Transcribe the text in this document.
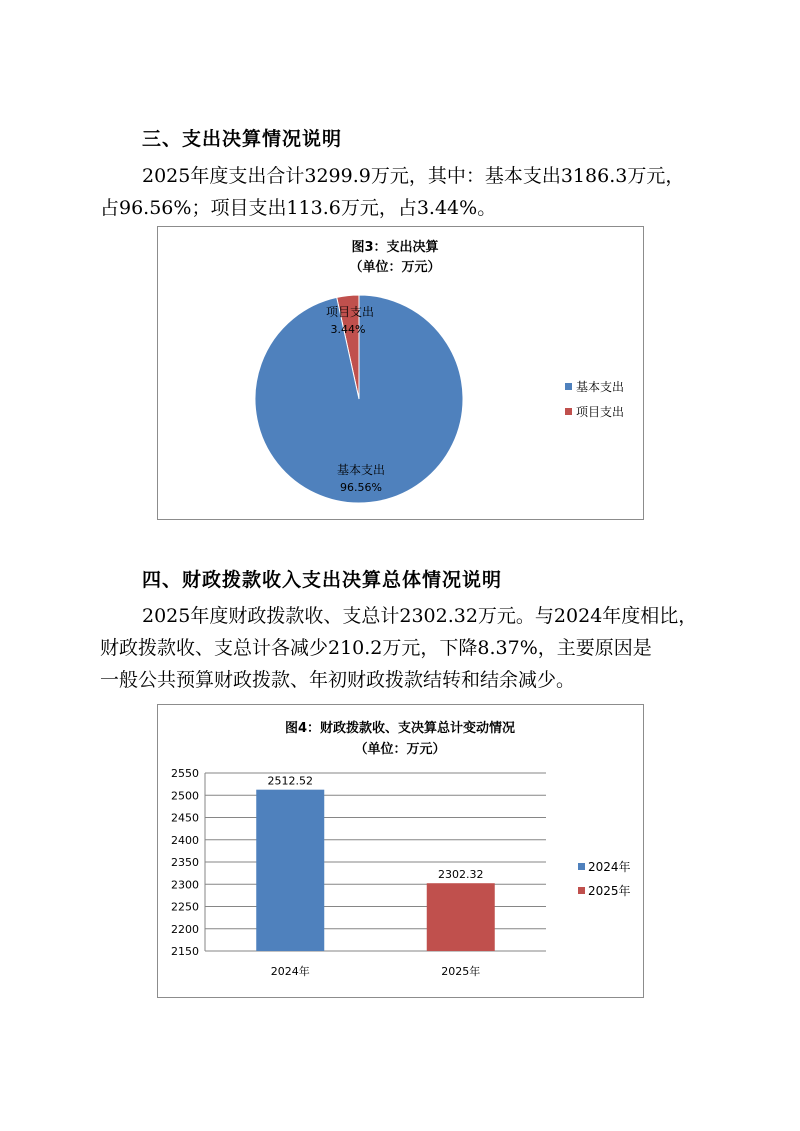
三、支出决算情况说明

2025年度支出合计3299.9万元，其中：基本支出3186.3万元，
占96.56%；项目支出113.6万元，占3.44%。

图3：支出决算
（单位：万元）
项目支出
3.44%
基本支出
96.56%
基本支出
项目支出
四、财政拨款收入支出决算总体情况说明

2025年度财政拨款收、支总计2302.32万元。与2024年度相比，
财政拨款收、支总计各减少210.2万元，下降8.37%，主要原因是
一般公共预算财政拨款、年初财政拨款结转和结余减少。

图4：财政拨款收、支决算总计变动情况
（单位：万元）
2550
2500
2450
2400
2350
2300
2250
2200
2150
2512.52
2302.32
2024年	2025年
2024年
2025年
